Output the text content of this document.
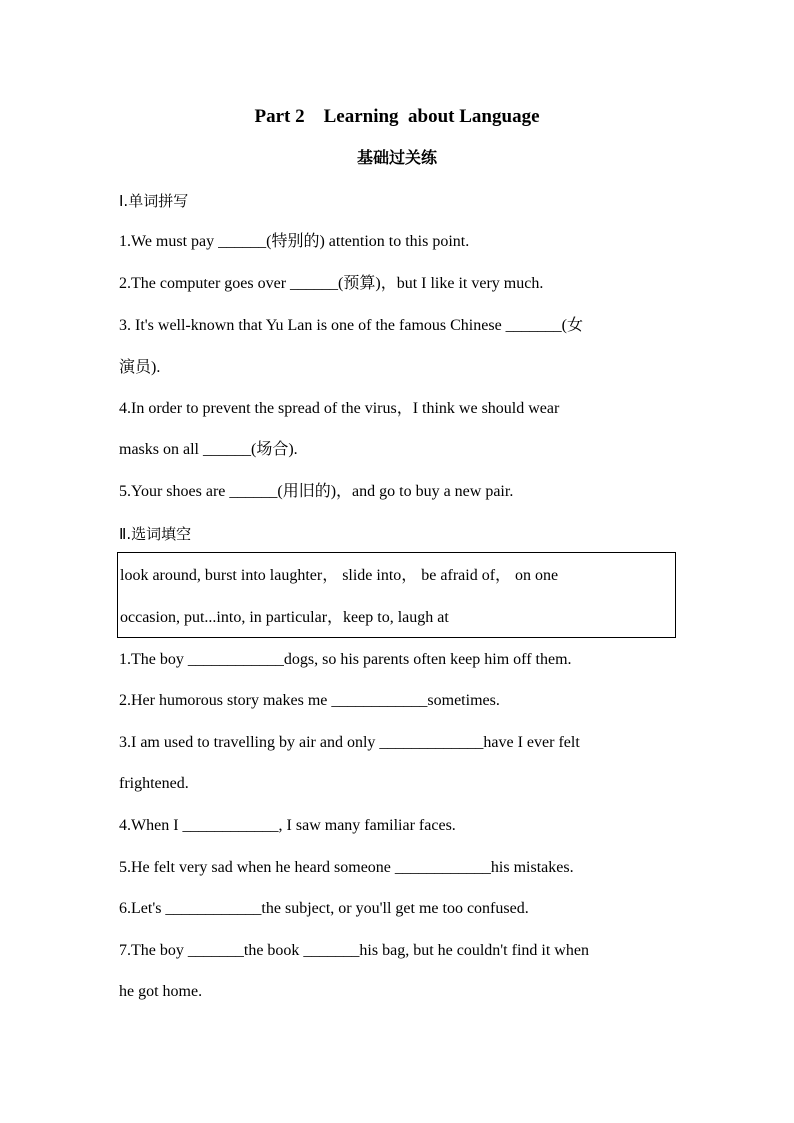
Part 2    Learning  about Language
基础过关练
Ⅰ.单词拼写
1.We must pay ______(特别的) attention to this point.
2.The computer goes over ______(预算)，but I like it very much.
3. It's well-known that Yu Lan is one of the famous Chinese _______(女
演员).
4.In order to prevent the spread of the virus，I think we should wear
masks on all ______(场合).
5.Your shoes are ______(用旧的)，and go to buy a new pair.
Ⅱ.选词填空
look around, burst into laughter， slide into， be afraid of， on one
occasion, put...into, in particular，keep to, laugh at
1.The boy ____________dogs, so his parents often keep him off them.
2.Her humorous story makes me ____________sometimes.
3.I am used to travelling by air and only _____________have I ever felt
frightened.
4.When I ____________, I saw many familiar faces.
5.He felt very sad when he heard someone ____________his mistakes.
6.Let's ____________the subject, or you'll get me too confused.
7.The boy _______the book _______his bag, but he couldn't find it when
he got home.
